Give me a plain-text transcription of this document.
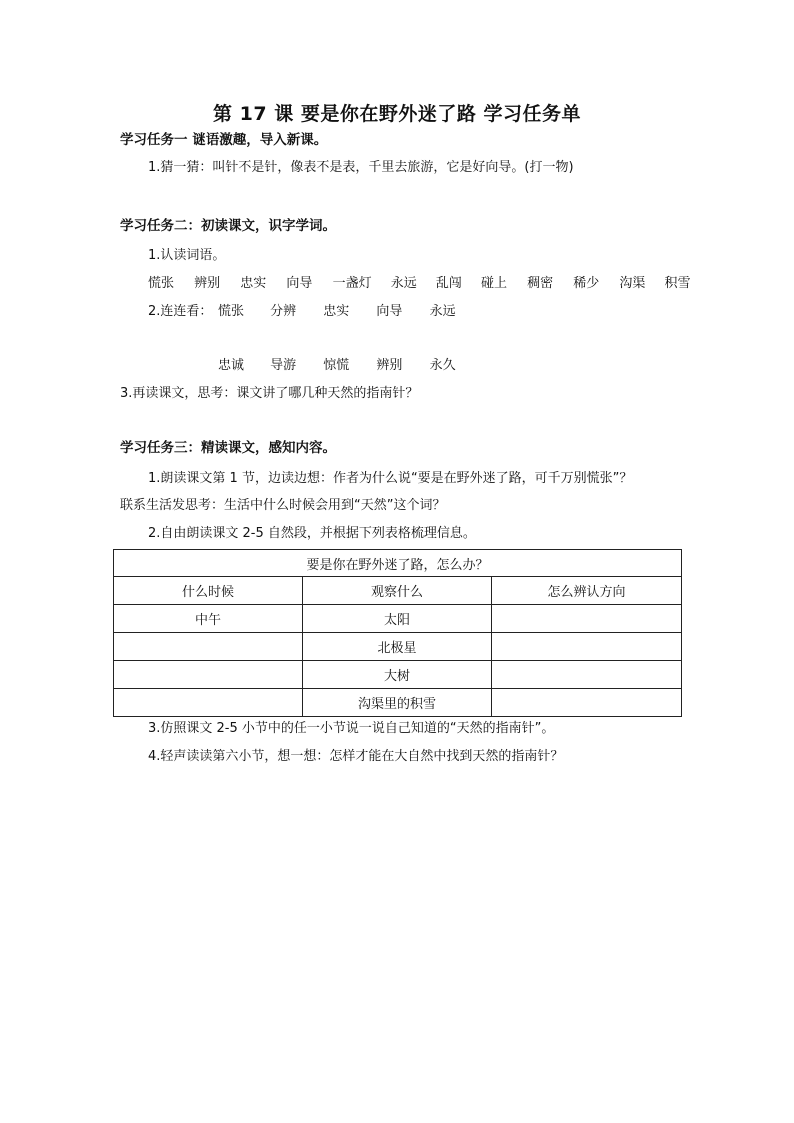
第 17 课 要是你在野外迷了路 学习任务单
学习任务一 谜语激趣，导入新课。
1.猜一猜：叫针不是针，像表不是表，千里去旅游，它是好向导。(打一物)
学习任务二：初读课文，识字学词。
1.认读词语。
慌张 辨别 忠实 向导 一盏灯 永远 乱闯 碰上 稠密 稀少 沟渠 积雪
2.连连看： 慌张 分辨 忠实 向导 永远
忠诚 导游 惊慌 辨别 永久
3.再读课文，思考：课文讲了哪几种天然的指南针？
学习任务三：精读课文，感知内容。
1.朗读课文第 1 节，边读边想：作者为什么说“要是在野外迷了路，可千万别慌张”？
联系生活发思考：生活中什么时候会用到“天然”这个词？
2.自由朗读课文 2-5 自然段，并根据下列表格梳理信息。
要是你在野外迷了路，怎么办？		
什么时候	观察什么	怎么辨认方向
中午	太阳	
	北极星	
	大树	
	沟渠里的积雪	
3.仿照课文 2-5 小节中的任一小节说一说自己知道的“天然的指南针”。
4.轻声读读第六小节，想一想：怎样才能在大自然中找到天然的指南针？
